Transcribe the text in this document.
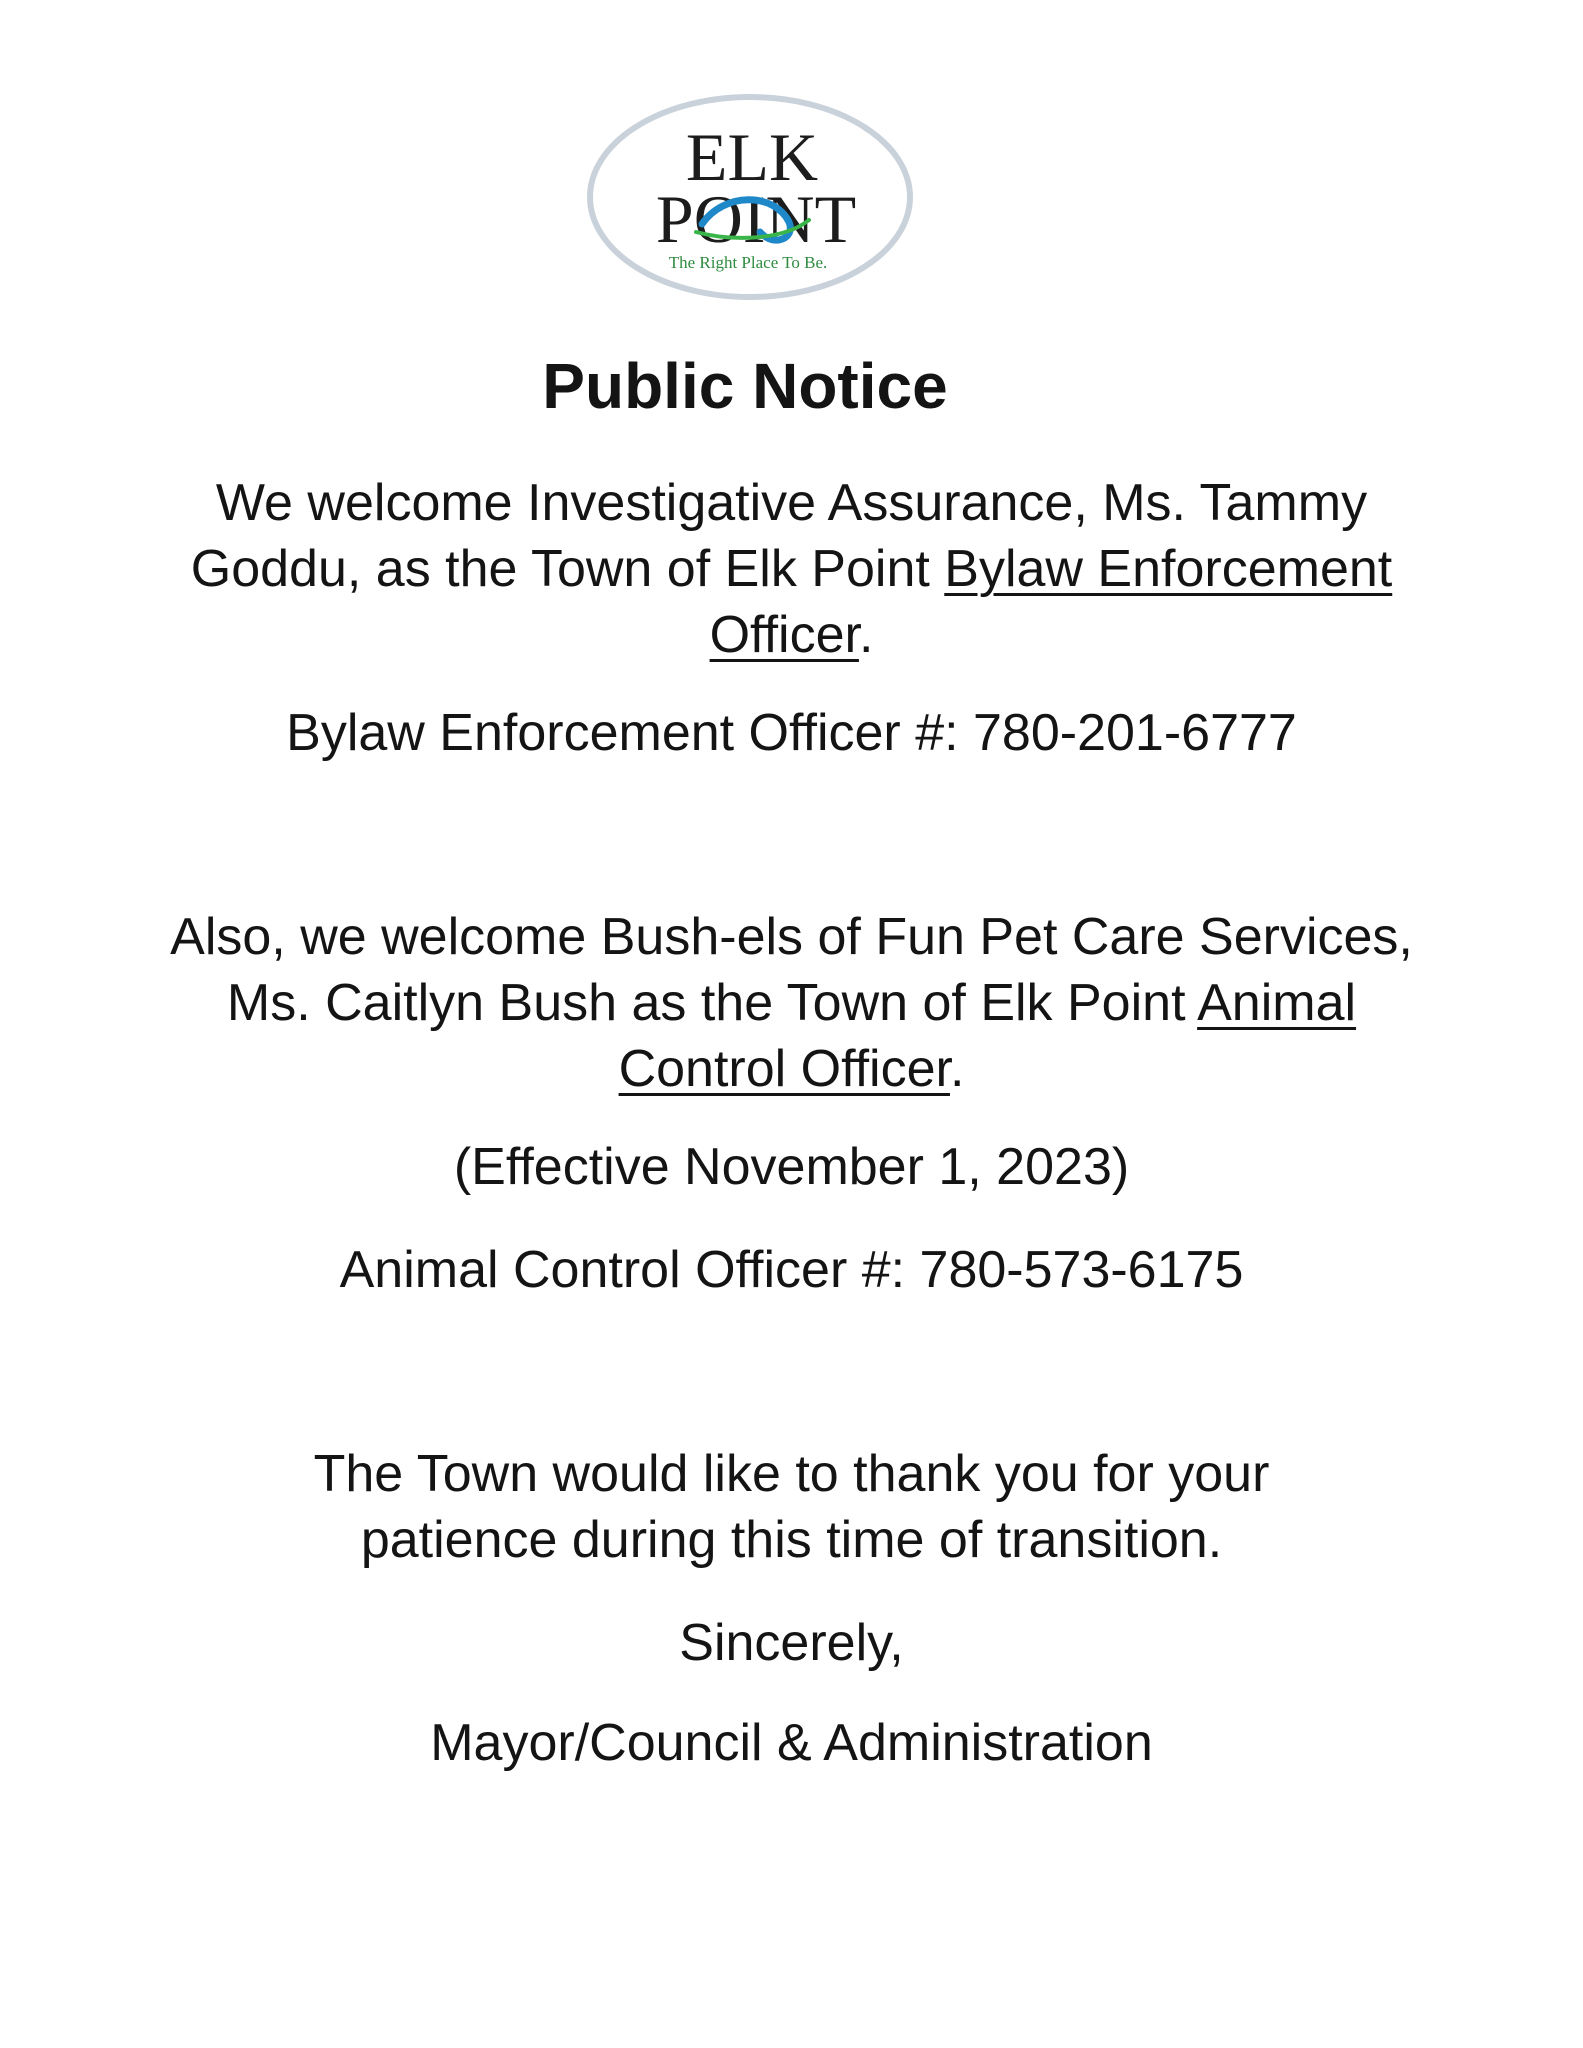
ELK
POINT
The Right Place To Be.
Public Notice

We welcome Investigative Assurance, Ms. Tammy Goddu, as the Town of Elk Point Bylaw Enforcement Officer.

Bylaw Enforcement Officer #: 780-201-6777

Also, we welcome Bush-els of Fun Pet Care Services, Ms. Caitlyn Bush as the Town of Elk Point Animal Control Officer.

(Effective November 1, 2023)

Animal Control Officer #: 780-573-6175

The Town would like to thank you for your patience during this time of transition.

Sincerely,

Mayor/Council & Administration
